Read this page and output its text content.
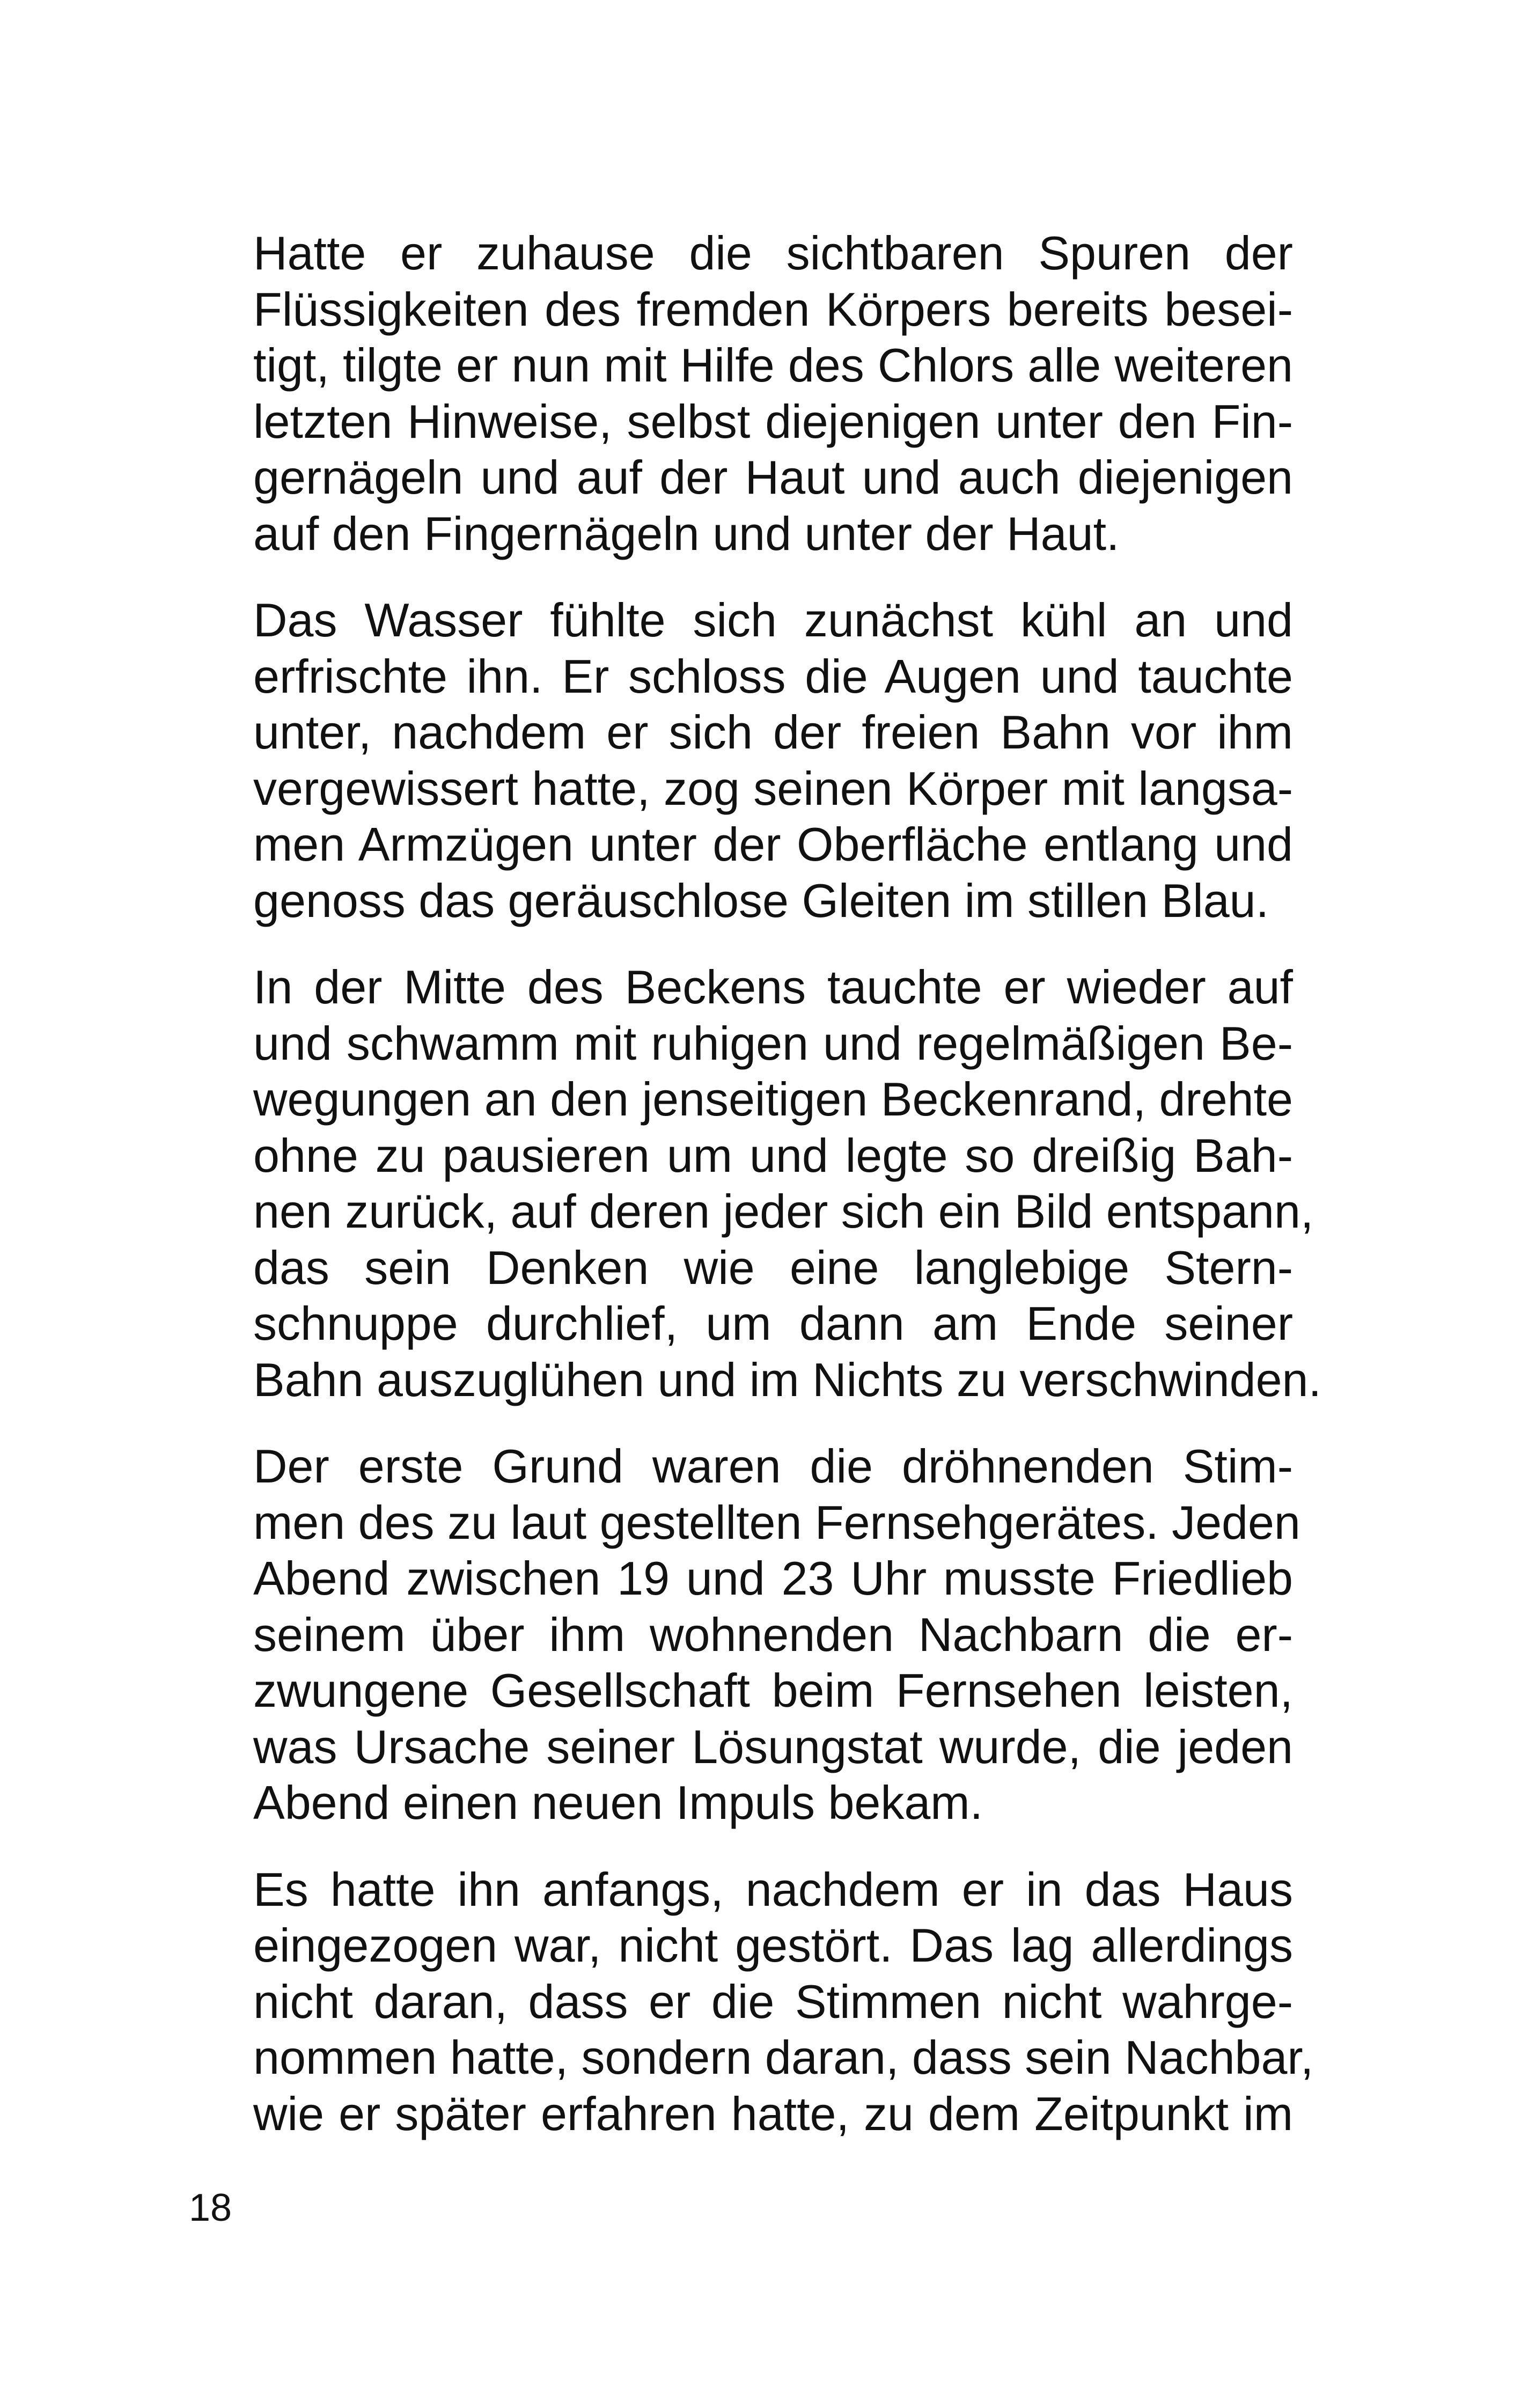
Hatte er zuhause die sichtbaren Spuren der
Flüssigkeiten des fremden Körpers bereits besei-
tigt, tilgte er nun mit Hilfe des Chlors alle weiteren
letzten Hinweise, selbst diejenigen unter den Fin-
gernägeln und auf der Haut und auch diejenigen
auf den Fingernägeln und unter der Haut.

Das Wasser fühlte sich zunächst kühl an und
erfrischte ihn. Er schloss die Augen und tauchte
unter, nachdem er sich der freien Bahn vor ihm
vergewissert hatte, zog seinen Körper mit langsa-
men Armzügen unter der Oberfläche entlang und
genoss das geräuschlose Gleiten im stillen Blau.

In der Mitte des Beckens tauchte er wieder auf
und schwamm mit ruhigen und regelmäßigen Be-
wegungen an den jenseitigen Beckenrand, drehte
ohne zu pausieren um und legte so dreißig Bah-
nen zurück, auf deren jeder sich ein Bild entspann,
das sein Denken wie eine langlebige Stern-
schnuppe durchlief, um dann am Ende seiner
Bahn auszuglühen und im Nichts zu verschwinden.

Der erste Grund waren die dröhnenden Stim-
men des zu laut gestellten Fernsehgerätes. Jeden
Abend zwischen 19 und 23 Uhr musste Friedlieb
seinem über ihm wohnenden Nachbarn die er-
zwungene Gesellschaft beim Fernsehen leisten,
was Ursache seiner Lösungstat wurde, die jeden
Abend einen neuen Impuls bekam.

Es hatte ihn anfangs, nachdem er in das Haus
eingezogen war, nicht gestört. Das lag allerdings
nicht daran, dass er die Stimmen nicht wahrge-
nommen hatte, sondern daran, dass sein Nachbar,
wie er später erfahren hatte, zu dem Zeitpunkt im

18
